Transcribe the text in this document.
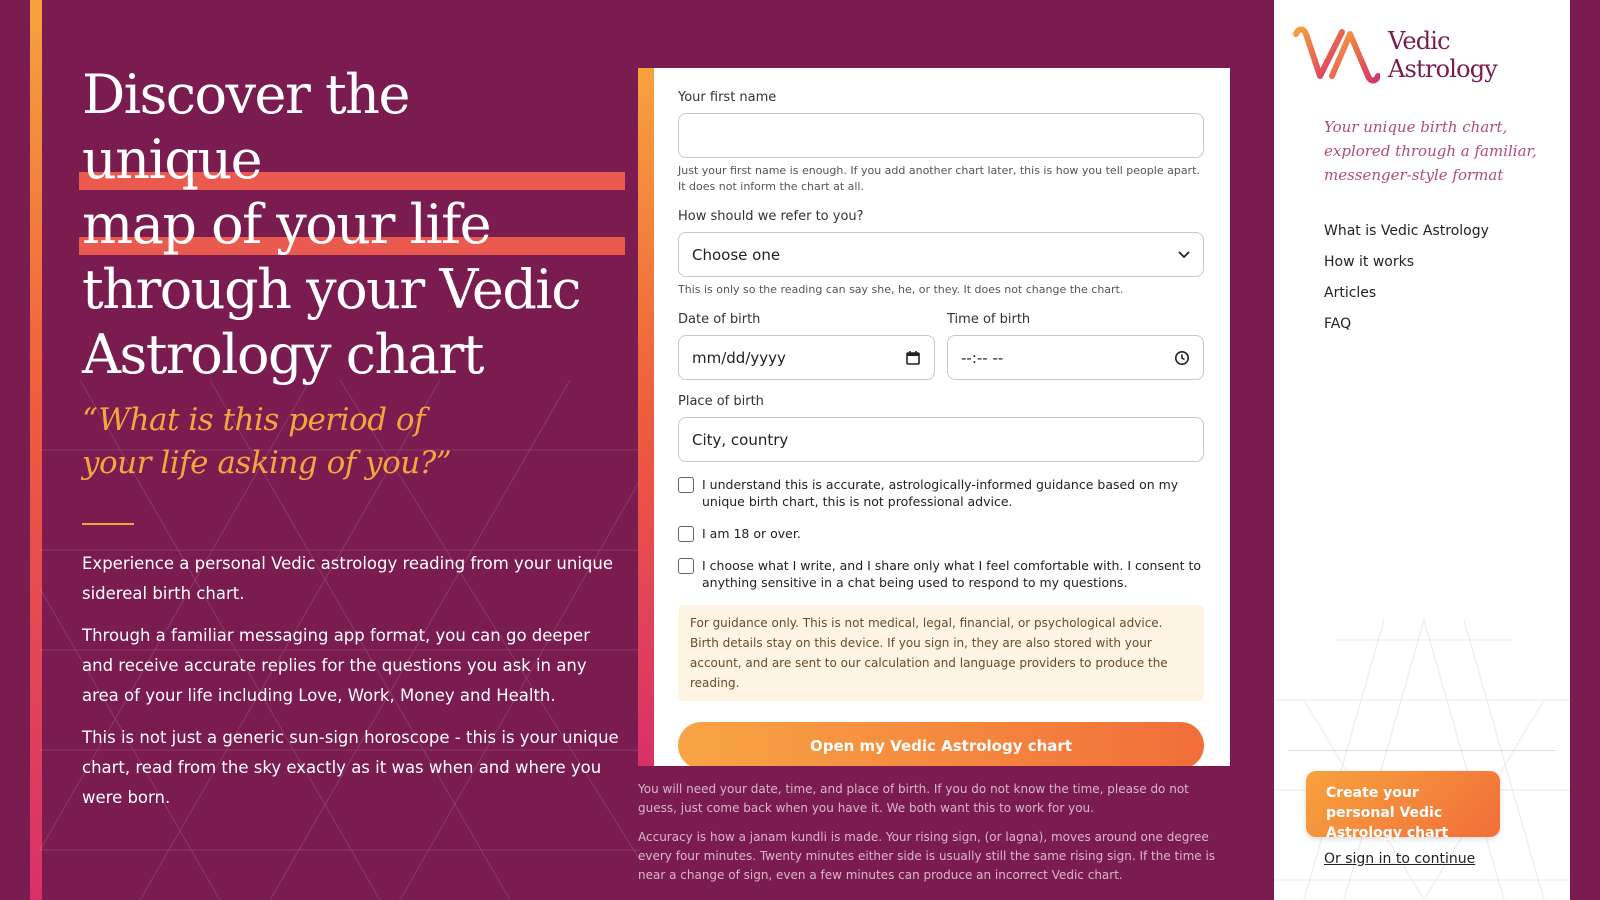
Discover the
unique
map of your life
through your Vedic
Astrology chart
“What is this period of
your life asking of you?”

Experience a personal Vedic astrology reading from your unique sidereal birth chart.

Through a familiar messaging app format, you can go deeper and receive accurate replies for the questions you ask in any area of your life including Love, Work, Money and Health.

This is not just a generic sun-sign horoscope - this is your unique chart, read from the sky exactly as it was when and where you were born.

Your first name
Just your first name is enough. If you add another chart later, this is how you tell people apart. It does not inform the chart at all.
How should we refer to you?
Choose one
This is only so the reading can say she, he, or they. It does not change the chart.
Date of birth
mm/dd/yyyy
Time of birth
--:-- --
Place of birth
City, country
I understand this is accurate, astrologically-informed guidance based on my unique birth chart, this is not professional advice.
I am 18 or over.
I choose what I write, and I share only what I feel comfortable with. I consent to anything sensitive in a chat being used to respond to my questions.
For guidance only. This is not medical, legal, financial, or psychological advice. Birth details stay on this device. If you sign in, they are also stored with your account, and are sent to our calculation and language providers to produce the reading.
Open my Vedic Astrology chart

You will need your date, time, and place of birth. If you do not know the time, please do not guess, just come back when you have it. We both want this to work for you.

Accuracy is how a janam kundli is made. Your rising sign, (or lagna), moves around one degree every four minutes. Twenty minutes either side is usually still the same rising sign. If the time is near a change of sign, even a few minutes can produce an incorrect Vedic chart.

Vedic
Astrology
Your unique birth chart, explored through a familiar, messenger-style format
What is Vedic Astrology
How it works
Articles
FAQ
Create your personal Vedic Astrology chart
Or sign in to continue
